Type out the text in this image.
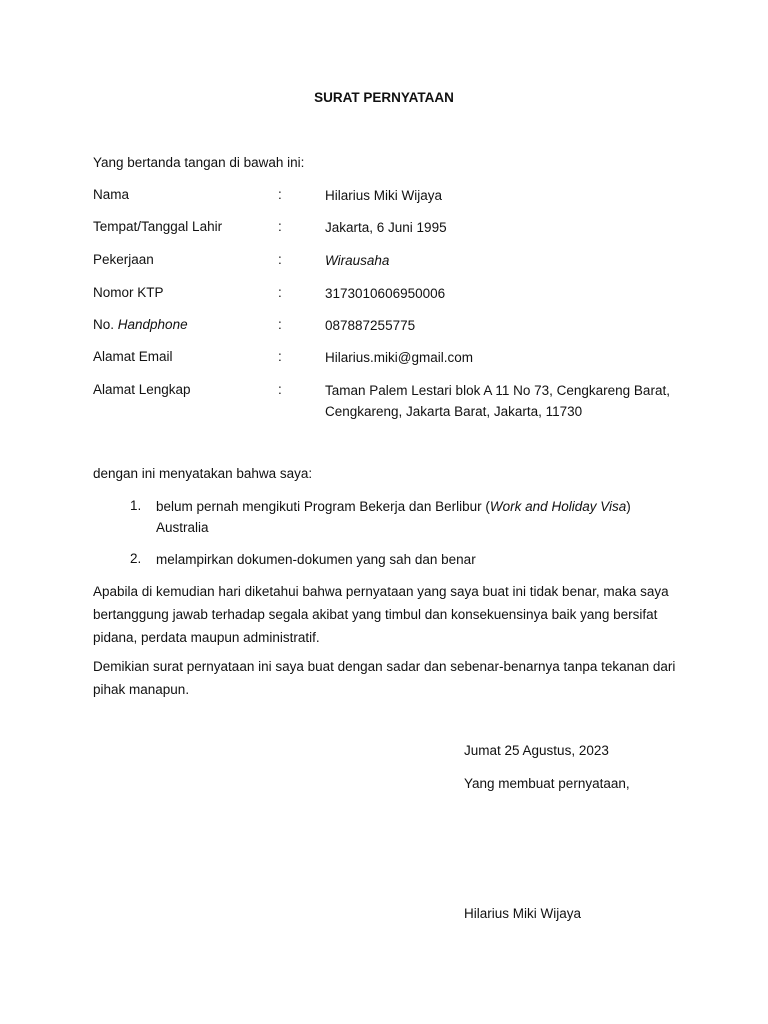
SURAT PERNYATAAN
Yang bertanda tangan di bawah ini:
Nama	:	Hilarius Miki Wijaya
Tempat/Tanggal Lahir	:	Jakarta, 6 Juni 1995
Pekerjaan	:	Wirausaha
Nomor KTP	:	3173010606950006
No. Handphone	:	087887255775
Alamat Email	:	Hilarius.miki@gmail.com
Alamat Lengkap	:	Taman Palem Lestari blok A 11 No 73, Cengkareng Barat, Cengkareng, Jakarta Barat, Jakarta, 11730
dengan ini menyatakan bahwa saya:
1. belum pernah mengikuti Program Bekerja dan Berlibur (Work and Holiday Visa) Australia
2. melampirkan dokumen-dokumen yang sah dan benar
Apabila di kemudian hari diketahui bahwa pernyataan yang saya buat ini tidak benar, maka saya bertanggung jawab terhadap segala akibat yang timbul dan konsekuensinya baik yang bersifat pidana, perdata maupun administratif.
Demikian surat pernyataan ini saya buat dengan sadar dan sebenar-benarnya tanpa tekanan dari pihak manapun.
Jumat 25 Agustus, 2023
Yang membuat pernyataan,
Hilarius Miki Wijaya
